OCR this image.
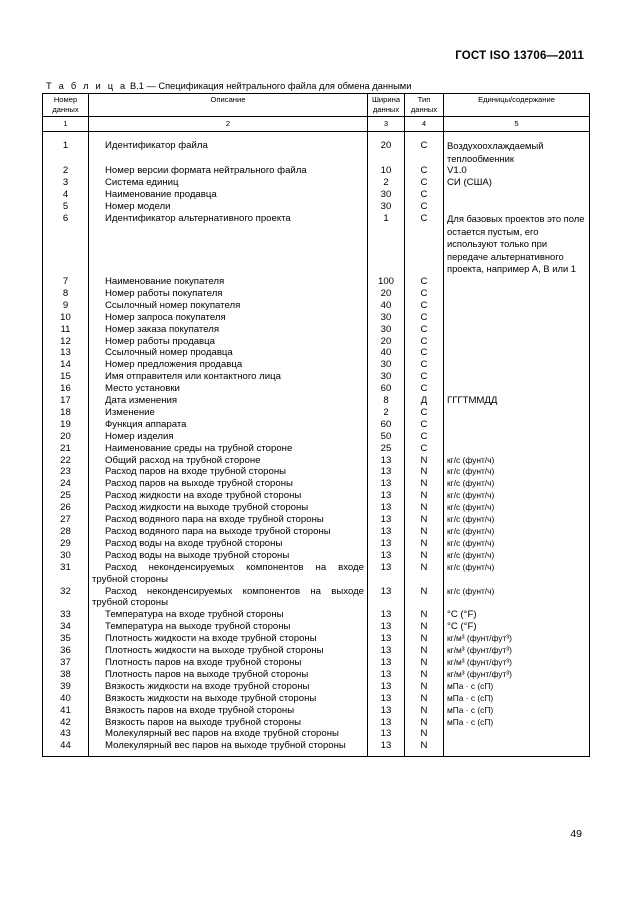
ГОСТ ISO 13706—2011
Т а б л и ц а В.1 — Спецификация нейтрального файла для обмена данными
Номер данных	Описание	Ширина данных	Тип данных	Единицы/содержание
1	2	3	4	5
1	Идентификатор файла	20	С	Воздухоохлаждаемый теплообменник
2	Номер версии формата нейтрального файла	10	С	V1.0
3	Система единиц	2	С	СИ (США)
4	Наименование продавца	30	С	
5	Номер модели	30	С	
6	Идентификатор альтернативного проекта	1	С	Для базовых проектов это поле остается пустым, его используют только при передаче альтернативного проекта, например А, В или 1
7	Наименование покупателя	100	С	
8	Номер работы покупателя	20	С	
9	Ссылочный номер покупателя	40	С	
10	Номер запроса покупателя	30	С	
11	Номер заказа покупателя	30	С	
12	Номер работы продавца	20	С	
13	Ссылочный номер продавца	40	С	
14	Номер предложения продавца	30	С	
15	Имя отправителя или контактного лица	30	С	
16	Место установки	60	С	
17	Дата изменения	8	Д	ГГГТММДД
18	Изменение	2	С	
19	Функция аппарата	60	С	
20	Номер изделия	50	С	
21	Наименование среды на трубной стороне	25	С	
22	Общий расход на трубной стороне	13	N	кг/с (фунт/ч)
23	Расход паров на входе трубной стороны	13	N	кг/с (фунт/ч)
24	Расход паров на выходе трубной стороны	13	N	кг/с (фунт/ч)
25	Расход жидкости на входе трубной стороны	13	N	кг/с (фунт/ч)
26	Расход жидкости на выходе трубной стороны	13	N	кг/с (фунт/ч)
27	Расход водяного пара на входе трубной стороны	13	N	кг/с (фунт/ч)
28	Расход водяного пара на выходе трубной стороны	13	N	кг/с (фунт/ч)
29	Расход воды на входе трубной стороны	13	N	кг/с (фунт/ч)
30	Расход воды на выходе трубной стороны	13	N	кг/с (фунт/ч)
31	Расход неконденсируемых компонентов на входе трубной стороны	13	N	кг/с (фунт/ч)
32	Расход неконденсируемых компонентов на выходе трубной стороны	13	N	кг/с (фунт/ч)
33	Температура на входе трубной стороны	13	N	°C (°F)
34	Температура на выходе трубной стороны	13	N	°C (°F)
35	Плотность жидкости на входе трубной стороны	13	N	кг/м³ (фунт/фут³)
36	Плотность жидкости на выходе трубной стороны	13	N	кг/м³ (фунт/фут³)
37	Плотность паров на входе трубной стороны	13	N	кг/м³ (фунт/фут³)
38	Плотность паров на выходе трубной стороны	13	N	кг/м³ (фунт/фут³)
39	Вязкость жидкости на входе трубной стороны	13	N	мПа · с (сП)
40	Вязкость жидкости на выходе трубной стороны	13	N	мПа · с (сП)
41	Вязкость паров на входе трубной стороны	13	N	мПа · с (сП)
42	Вязкость паров на выходе трубной стороны	13	N	мПа · с (сП)
43	Молекулярный вес паров на входе трубной стороны	13	N	
44	Молекулярный вес паров на выходе трубной стороны	13	N	
49
